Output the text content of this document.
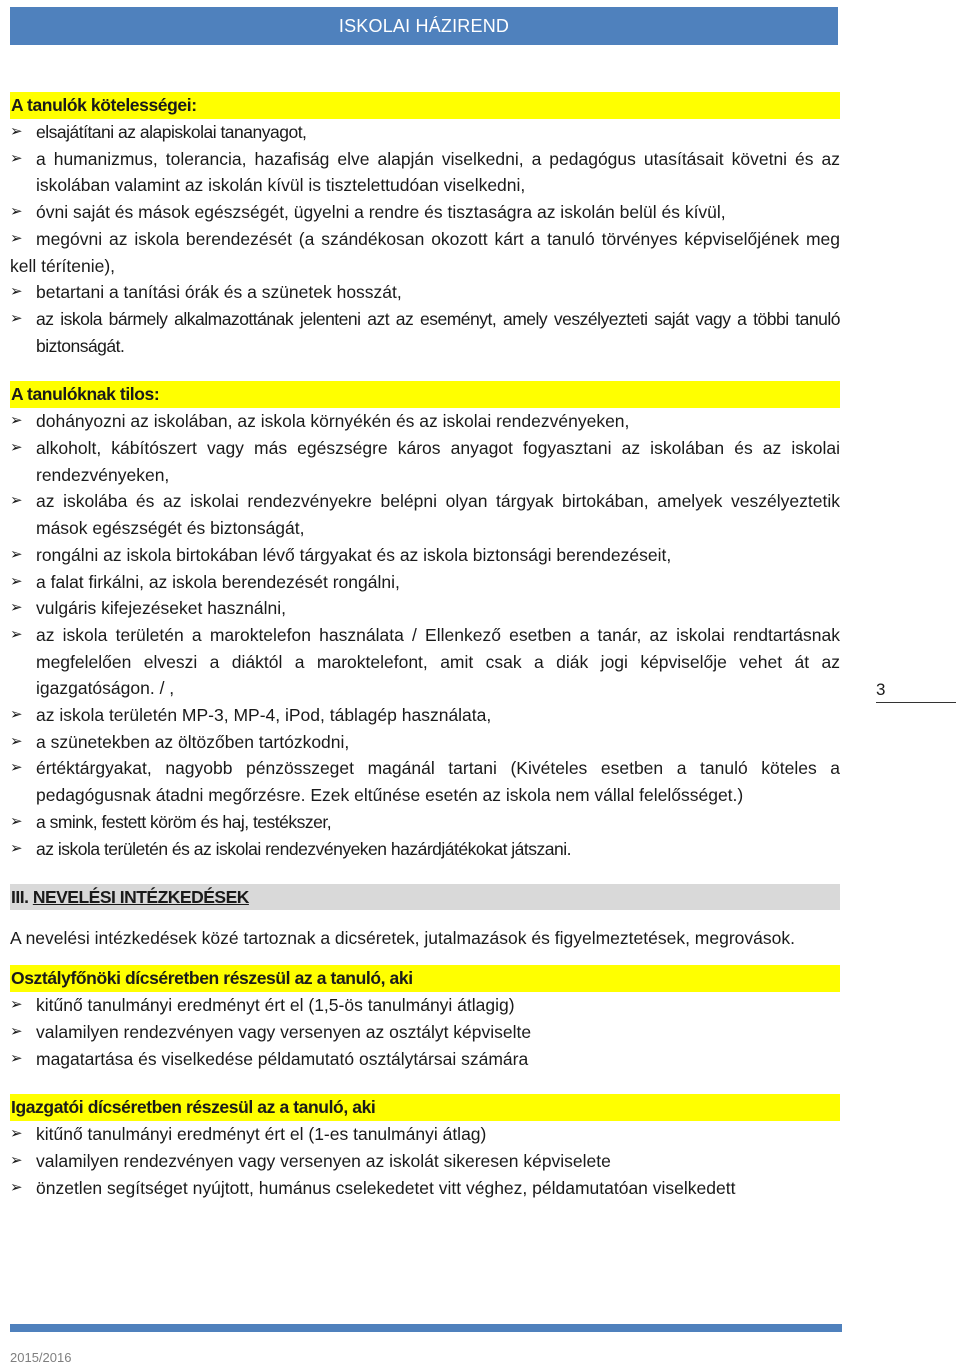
ISKOLAI HÁZIREND
A tanulók kötelességei:
➢ elsajátítani az alapiskolai tananyagot,
➢ a humanizmus, tolerancia, hazafiság elve alapján viselkedni, a pedagógus utasításait követni és az iskolában valamint az iskolán kívül is tisztelettudóan viselkedni,
➢ óvni saját és mások egészségét, ügyelni a rendre és tisztaságra az iskolán belül és kívül,
➢ megóvni az iskola berendezését (a szándékosan okozott kárt a tanuló törvényes képviselőjének meg kell térítenie),
➢ betartani a tanítási órák és a szünetek hosszát,
➢ az iskola bármely alkalmazottának jelenteni azt az eseményt, amely veszélyezteti saját vagy a többi tanuló biztonságát.
A tanulóknak tilos:
➢ dohányozni az iskolában, az iskola környékén és az iskolai rendezvényeken,
➢ alkoholt, kábítószert vagy más egészségre káros anyagot fogyasztani az iskolában és az iskolai rendezvényeken,
➢ az iskolába és az iskolai rendezvényekre belépni olyan tárgyak birtokában, amelyek veszélyeztetik mások egészségét és biztonságát,
➢ rongálni az iskola birtokában lévő tárgyakat és az iskola biztonsági berendezéseit,
➢ a falat firkálni, az iskola berendezését rongálni,
➢ vulgáris kifejezéseket használni,
➢ az iskola területén a maroktelefon használata / Ellenkező esetben a tanár, az iskolai rendtartásnak megfelelően elveszi a diáktól a maroktelefont, amit csak a diák jogi képviselője vehet át az igazgatóságon. / ,
➢ az iskola területén MP-3, MP-4, iPod, táblagép használata,
➢ a szünetekben az öltözőben tartózkodni,
➢ értéktárgyakat, nagyobb pénzösszeget magánál tartani (Kivételes esetben a tanuló köteles a pedagógusnak átadni megőrzésre. Ezek eltűnése esetén az iskola nem vállal felelősséget.)
➢ a smink, festett köröm és haj, testékszer,
➢ az iskola területén és az iskolai rendezvényeken hazárdjátékokat játszani.
III. NEVELÉSI INTÉZKEDÉSEK

A nevelési intézkedések közé tartoznak a dicséretek, jutalmazások és figyelmeztetések, megrovások.

Osztályfőnöki dícséretben részesül az a tanuló, aki
➢ kitűnő tanulmányi eredményt ért el (1,5-ös tanulmányi átlagig)
➢ valamilyen rendezvényen vagy versenyen az osztályt képviselte
➢ magatartása és viselkedése példamutató osztálytársai számára
Igazgatói dícséretben részesül az a tanuló, aki
➢ kitűnő tanulmányi eredményt ért el (1-es tanulmányi átlag)
➢ valamilyen rendezvényen vagy versenyen az iskolát sikeresen képviselete
➢ önzetlen segítséget nyújtott, humánus cselekedetet vitt véghez, példamutatóan viselkedett
3
2015/2016
